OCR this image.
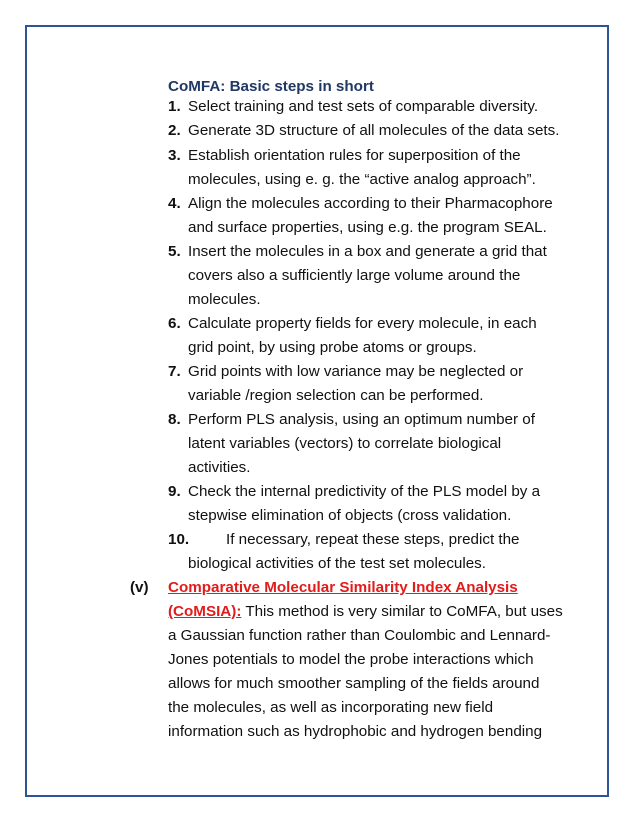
CoMFA: Basic steps in short
1. Select training and test sets of comparable diversity.
2. Generate 3D structure of all molecules of the data sets.
3. Establish orientation rules for superposition of the
molecules, using e. g. the “active analog approach”.
4. Align the molecules according to their Pharmacophore
and surface properties, using e.g. the program SEAL.
5. Insert the molecules in a box and generate a grid that
covers also a sufficiently large volume around the
molecules.
6. Calculate property fields for every molecule, in each
grid point, by using probe atoms or groups.
7. Grid points with low variance may be neglected or
variable /region selection can be performed.
8. Perform PLS analysis, using an optimum number of
latent variables (vectors) to correlate biological
activities.
9. Check the internal predictivity of the PLS model by a
stepwise elimination of objects (cross validation.
10. If necessary, repeat these steps, predict the
biological activities of the test set molecules.
(v) Comparative Molecular Similarity Index Analysis
(CoMSIA): This method is very similar to CoMFA, but uses
a Gaussian function rather than Coulombic and Lennard-
Jones potentials to model the probe interactions which
allows for much smoother sampling of the fields around
the molecules, as well as incorporating new field
information such as hydrophobic and hydrogen bending
